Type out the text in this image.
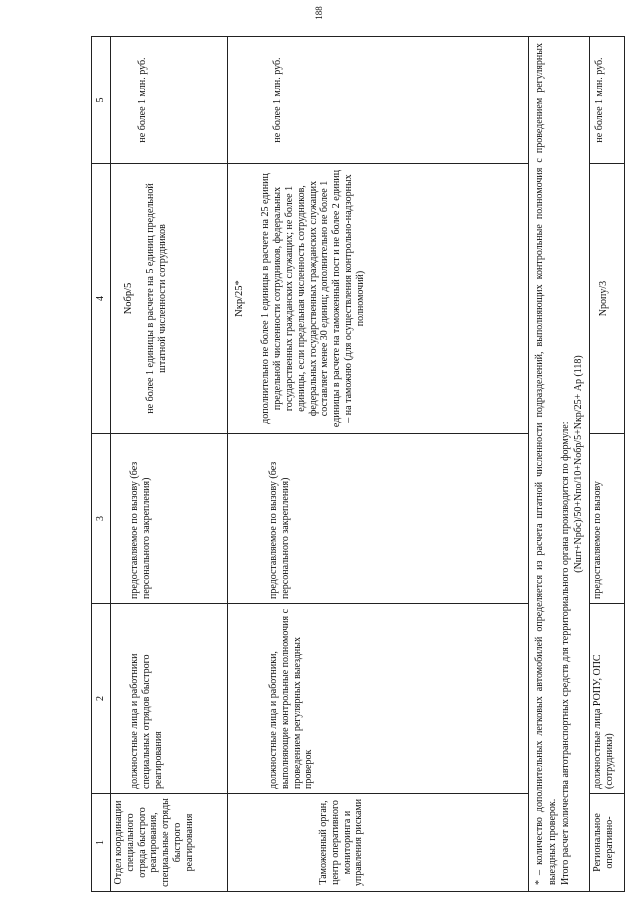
188
1	2	3	4	5
Отдел координации специального отряда быстрого реагирования, специальные отряды быстрого реагирования	должностные лица и работники специальных отрядов быстрого реагирования	предоставляемое по вызову (без персонального закрепления)	Nобр/5 не более 1 единицы в расчете на 5 единиц предельной штатной численности сотрудников	не более 1 млн. руб.
Таможенный орган, центр оперативного мониторинга и управления рисками	должностные лица и работники, выполняющие контрольные полномочия с проведением регулярных выездных проверок	предоставляемое по вызову (без персонального закрепления)	Nкр/25* дополнительно не более 1 единицы в расчете на 25 единиц предельной численности сотрудников, федеральных государственных гражданских служащих; не более 1 единицы, если предельная численность сотрудников, федеральных государственных гражданских служащих составляет менее 30 единиц; дополнительно не более 1 единицы в расчете на таможенный пост и не более 2 единиц – на таможню (для осуществления контрольно-надзорных полномочий)	не более 1 млн. руб.

* – количество дополнительных легковых автомобилей определяется из расчета штатной численности подразделений, выполняющих контрольные полномочия с проведением регулярных выездных проверок. Итого расчет количества автотранспортных средств для территориального органа производится по формуле: (Nшт+Nрбс)/50+Nпо/10+Nобр/5+Nкр/25+ Ар (118)				

Региональное оперативно-	должностные лица РОПУ, ОПС (сотрудники)	предоставляемое по вызову	Nропу/3	не более 1 млн. руб.
